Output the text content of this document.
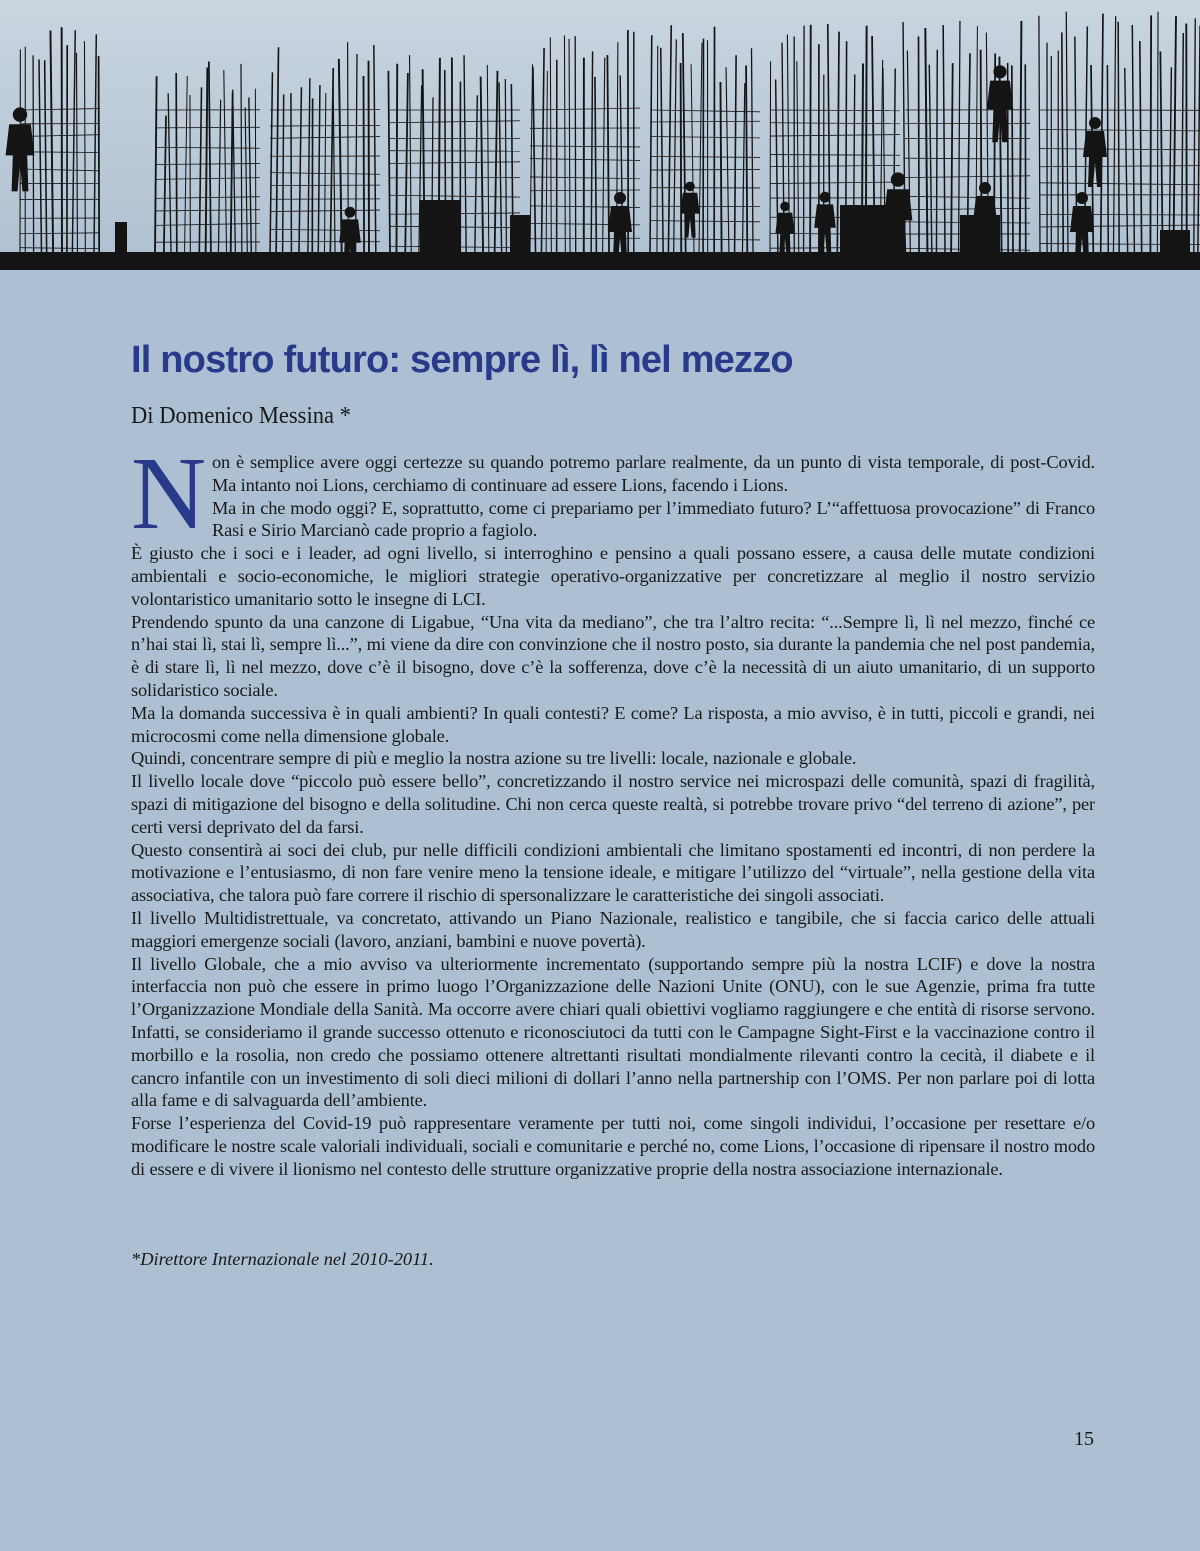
Il nostro futuro: sempre lì, lì nel mezzo

Di Domenico Messina *

Non è semplice avere oggi certezze su quando potremo parlare realmente, da un punto di vista temporale, di post-Covid. Ma intanto noi Lions, cerchiamo di continuare ad essere Lions, facendo i Lions.

Ma in che modo oggi? E, soprattutto, come ci prepariamo per l’immediato futuro? L’“affettuosa provocazione” di Franco Rasi e Sirio Marcianò cade proprio a fagiolo.

È giusto che i soci e i leader, ad ogni livello, si interroghino e pensino a quali possano essere, a causa delle mutate condizioni ambientali e socio-economiche, le migliori strategie operativo-organizzative per concretizzare al meglio il nostro servizio volontaristico umanitario sotto le insegne di LCI.

Prendendo spunto da una canzone di Ligabue, “Una vita da mediano”, che tra l’altro recita: “...Sempre lì, lì nel mezzo, finché ce n’hai stai lì, stai lì, sempre lì...”, mi viene da dire con convinzione che il nostro posto, sia durante la pandemia che nel post pandemia, è di stare lì, lì nel mezzo, dove c’è il bisogno, dove c’è la sofferenza, dove c’è la necessità di un aiuto umanitario, di un supporto solidaristico sociale.

Ma la domanda successiva è in quali ambienti? In quali contesti? E come? La risposta, a mio avviso, è in tutti, piccoli e grandi, nei microcosmi come nella dimensione globale.

Quindi, concentrare sempre di più e meglio la nostra azione su tre livelli: locale, nazionale e globale.

Il livello locale dove “piccolo può essere bello”, concretizzando il nostro service nei microspazi delle comunità, spazi di fragilità, spazi di mitigazione del bisogno e della solitudine. Chi non cerca queste realtà, si potrebbe trovare privo “del terreno di azione”, per certi versi deprivato del da farsi.

Questo consentirà ai soci dei club, pur nelle difficili condizioni ambientali che limitano spostamenti ed incontri, di non perdere la motivazione e l’entusiasmo, di non fare venire meno la tensione ideale, e mitigare l’utilizzo del “virtuale”, nella gestione della vita associativa, che talora può fare correre il rischio di spersonalizzare le caratteristiche dei singoli associati.

Il livello Multidistrettuale, va concretato, attivando un Piano Nazionale, realistico e tangibile, che si faccia carico delle attuali maggiori emergenze sociali (lavoro, anziani, bambini e nuove povertà).

Il livello Globale, che a mio avviso va ulteriormente incrementato (supportando sempre più la nostra LCIF) e dove la nostra interfaccia non può che essere in primo luogo l’Organizzazione delle Nazioni Unite (ONU), con le sue Agenzie, prima fra tutte l’Organizzazione Mondiale della Sanità. Ma occorre avere chiari quali obiettivi vogliamo raggiungere e che entità di risorse servono. Infatti, se consideriamo il grande successo ottenuto e riconosciutoci da tutti con le Campagne Sight-First e la vaccinazione contro il morbillo e la rosolia, non credo che possiamo ottenere altrettanti risultati mondialmente rilevanti contro la cecità, il diabete e il cancro infantile con un investimento di soli dieci milioni di dollari l’anno nella partnership con l’OMS. Per non parlare poi di lotta alla fame e di salvaguarda dell’ambiente.

Forse l’esperienza del Covid-19 può rappresentare veramente per tutti noi, come singoli individui, l’occasione per resettare e/o modificare le nostre scale valoriali individuali, sociali e comunitarie e perché no, come Lions, l’occasione di ripensare il nostro modo di essere e di vivere il lionismo nel contesto delle strutture organizzative proprie della nostra associazione internazionale.

*Direttore Internazionale nel 2010-2011.

15
